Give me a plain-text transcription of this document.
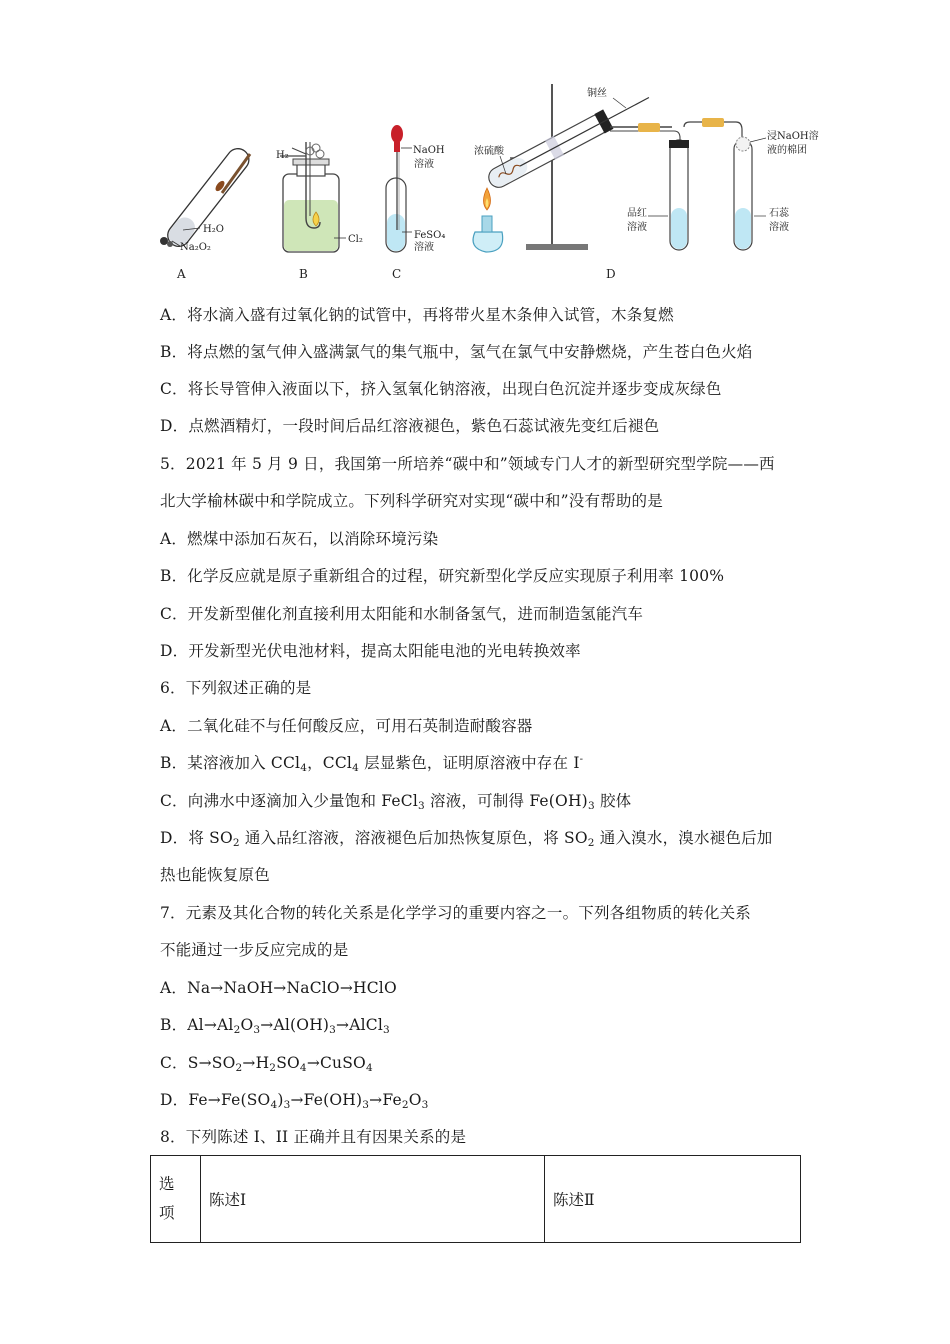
H₂O
Na₂O₂
A
H₂
Cl₂
B
NaOH
溶液
FeSO₄
溶液
C
铜丝
浓硫酸
品红
溶液
石蕊
溶液
浸NaOH溶
液的棉团
D
A．将水滴入盛有过氧化钠的试管中，再将带火星木条伸入试管，木条复燃
B．将点燃的氢气伸入盛满氯气的集气瓶中，氢气在氯气中安静燃烧，产生苍白色火焰
C．将长导管伸入液面以下，挤入氢氧化钠溶液，出现白色沉淀并逐步变成灰绿色
D．点燃酒精灯，一段时间后品红溶液褪色，紫色石蕊试液先变红后褪色
5．2021 年 5 月 9 日，我国第一所培养“碳中和”领域专门人才的新型研究型学院——西
北大学榆林碳中和学院成立。下列科学研究对实现“碳中和”没有帮助的是
A．燃煤中添加石灰石，以消除环境污染
B．化学反应就是原子重新组合的过程，研究新型化学反应实现原子利用率 100%
C．开发新型催化剂直接利用太阳能和水制备氢气，进而制造氢能汽车
D．开发新型光伏电池材料，提高太阳能电池的光电转换效率
6．下列叙述正确的是
A．二氧化硅不与任何酸反应，可用石英制造耐酸容器
B．某溶液加入 CCl$_4$，CCl$_4$ 层显紫色，证明原溶液中存在 I-
C．向沸水中逐滴加入少量饱和 FeCl$_3$ 溶液，可制得 $Fe(OH)_3$ 胶体
D．将 $SO_2$ 通入品红溶液，溶液褪色后加热恢复原色，将 $SO_2$ 通入溴水，溴水褪色后加
热也能恢复原色
7．元素及其化合物的转化关系是化学学习的重要内容之一。下列各组物质的转化关系
不能通过一步反应完成的是
A．Na→NaOH→NaClO→HClO
B．$Al\to Al_2O_3\to Al(OH)_3\to AlCl_3$
C．$S\to SO_2\to H_2SO_4\to CuSO_4$
D．$Fe\to Fe(SO_4)_3\to Fe(OH)_3\to Fe_2O_3$
8．下列陈述 I、II 正确并且有因果关系的是
选
项
	陈述Ⅰ	陈述Ⅱ
